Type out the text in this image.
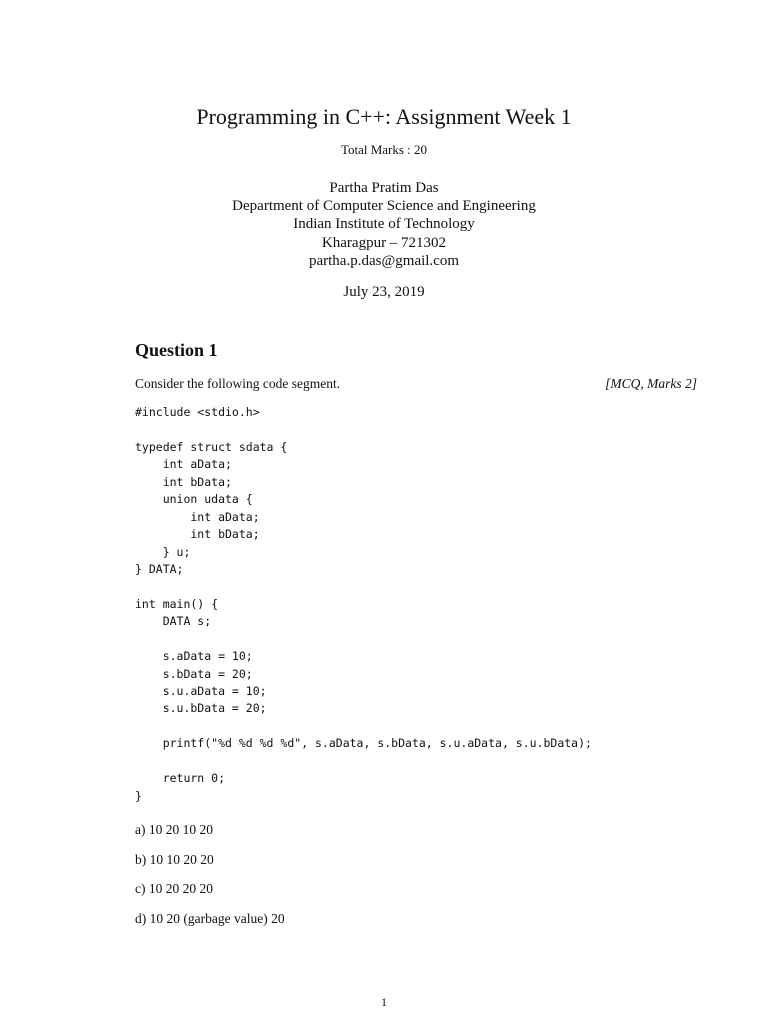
Programming in C++: Assignment Week 1
Total Marks : 20
Partha Pratim Das
Department of Computer Science and Engineering
Indian Institute of Technology
Kharagpur – 721302
partha.p.das@gmail.com
July 23, 2019
Question 1
Consider the following code segment.	[MCQ, Marks 2]
#include <stdio.h>
typedef struct sdata {
int aData;
int bData;
union udata {
int aData;
int bData;
} u;
} DATA;
int main() {
DATA s;
s.aData = 10;
s.bData = 20;
s.u.aData = 10;
s.u.bData = 20;
printf("%d %d %d %d", s.aData, s.bData, s.u.aData, s.u.bData);
return 0;
}
a) 10 20 10 20
b) 10 10 20 20
c) 10 20 20 20
d) 10 20 (garbage value) 20
1
